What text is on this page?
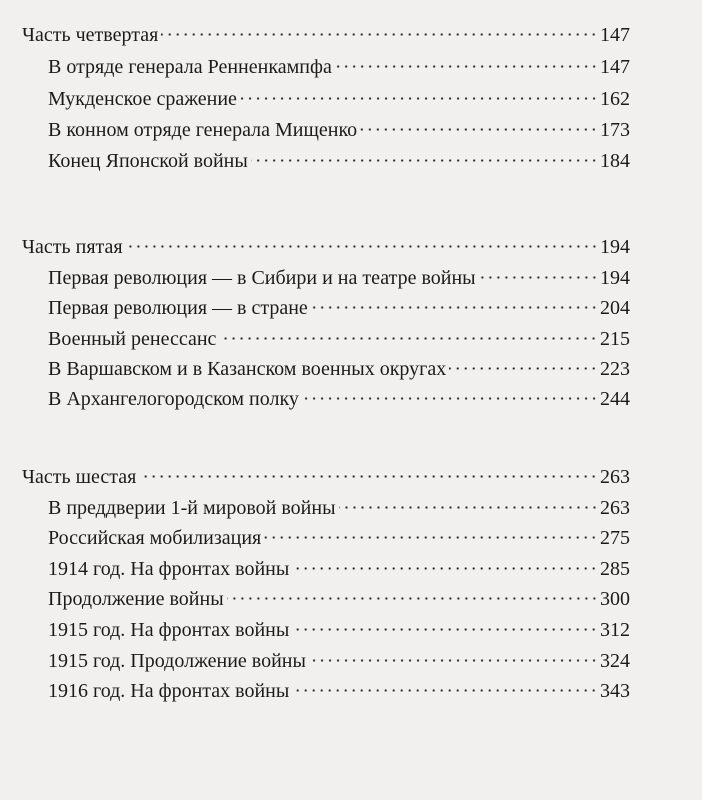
Часть четвертая	147
В отряде генерала Ренненкампфа	147
Мукденское сражение	162
В конном отряде генерала Мищенко	173
Конец Японской войны	184
Часть пятая	194
Первая революция — в Сибири и на театре войны	194
Первая революция — в стране	204
Военный ренессанс	215
В Варшавском и в Казанском военных округах	223
В Архангелогородском полку	244
Часть шестая	263
В преддверии 1-й мировой войны	263
Российская мобилизация	275
1914 год. На фронтах войны	285
Продолжение войны	300
1915 год. На фронтах войны	312
1915 год. Продолжение войны	324
1916 год. На фронтах войны	343
